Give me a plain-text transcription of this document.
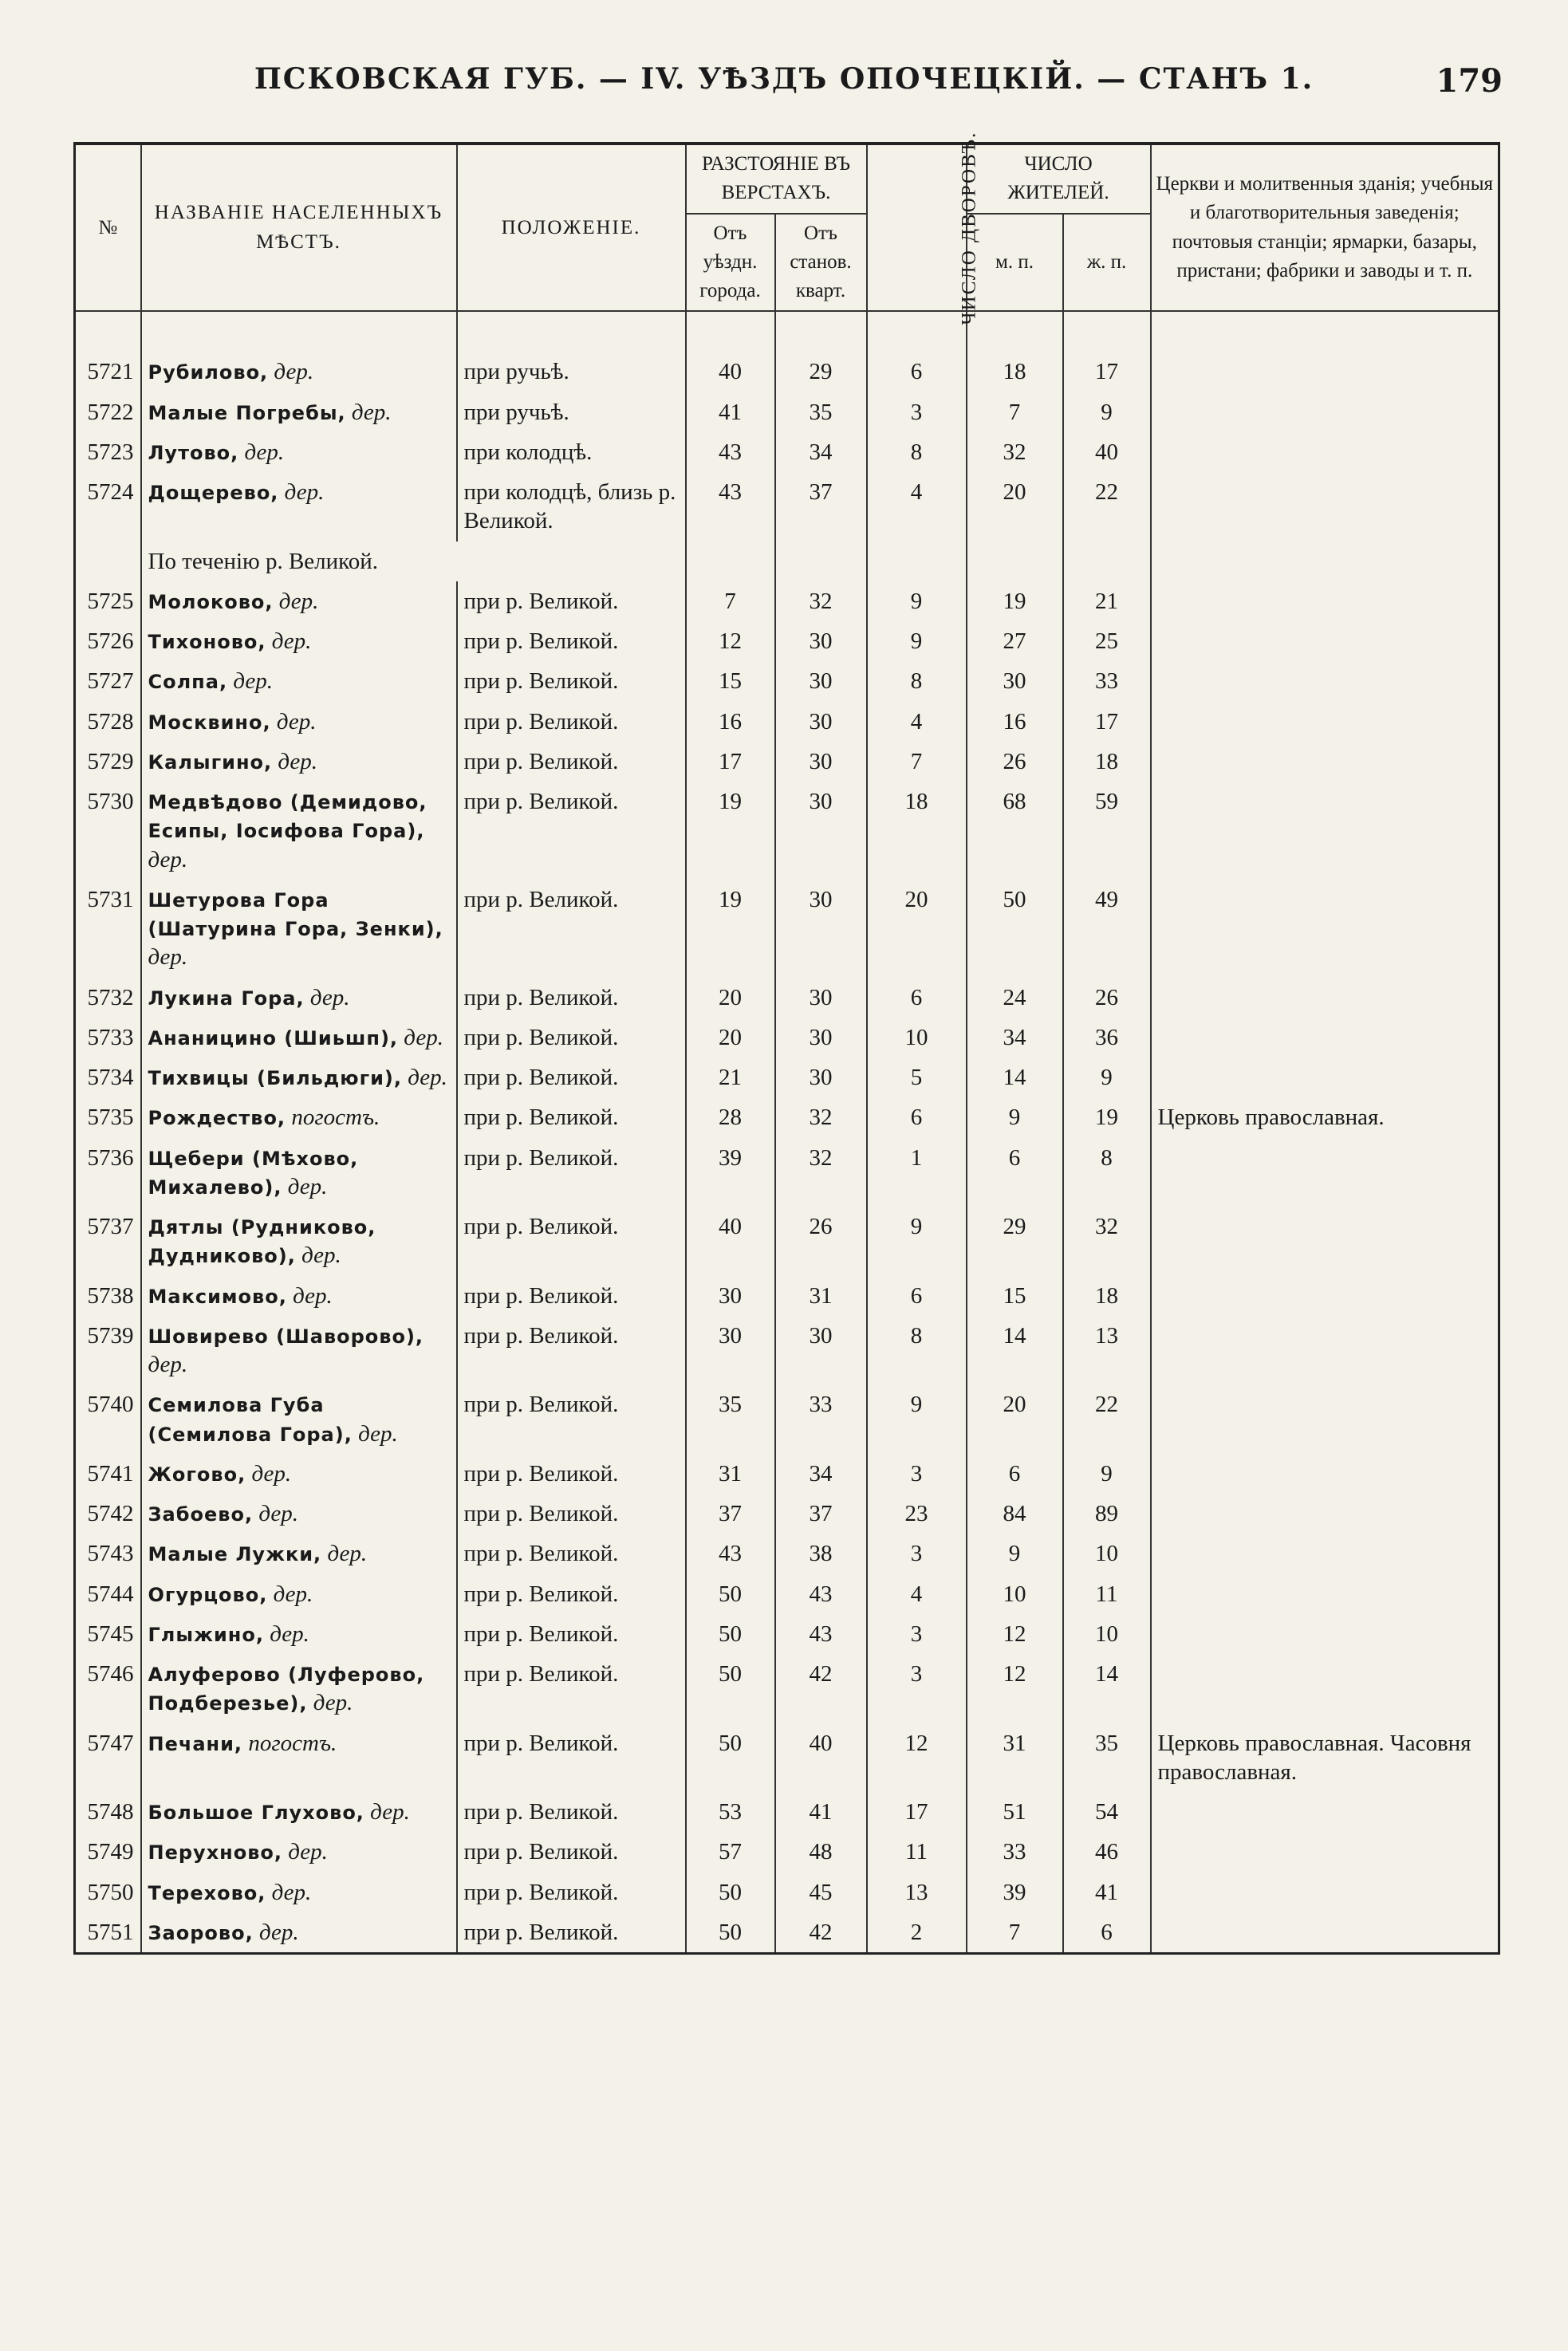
ПСКОВСКАЯ ГУБ. — IV. УѢЗДЪ ОПОЧЕЦКІЙ. — СТАНЪ 1.	179
№	НАЗВАНІЕ НАСЕЛЕННЫХЪ МѢСТЪ.	ПОЛОЖЕНІЕ.	РАЗСТОЯНІЕ ВЪ ВЕРСТАХЪ.		ЧИСЛО ДВОРОВЪ.	ЧИСЛО ЖИТЕЛЕЙ.		Церкви и молитвенныя зданія; учебныя и благотворительныя заведенія; почтовыя станціи; ярмарки, базары, пристани; фабрики и заводы и т. п.
			Отъ уѣздн. города.	Отъ станов. кварт.				
						м. п.	ж. п.	

5721	Рубилово, дер.	при ручьѣ.	40	29	6	18	17	
5722	Малые Погребы, дер.	при ручьѣ.	41	35	3	7	9	
5723	Лутово, дер.	при колодцѣ.	43	34	8	32	40	
5724	Дощерево, дер.	при колодцѣ, близь р. Великой.	43	37	4	20	22	
	По теченію р. Великой.							
5725	Молоково, дер.	при р. Великой.	7	32	9	19	21	
5726	Тихоново, дер.	при р. Великой.	12	30	9	27	25	
5727	Солпа, дер.	при р. Великой.	15	30	8	30	33	
5728	Москвино, дер.	при р. Великой.	16	30	4	16	17	
5729	Калыгино, дер.	при р. Великой.	17	30	7	26	18	
5730	Медвѣдово (Демидово, Есипы, Іосифова Гора), дер.	при р. Великой.	19	30	18	68	59	
5731	Шетурова Гора (Шатурина Гора, Зенки), дер.	при р. Великой.	19	30	20	50	49	
5732	Лукина Гора, дер.	при р. Великой.	20	30	6	24	26	
5733	Ананицино (Шиьшп), дер.	при р. Великой.	20	30	10	34	36	
5734	Тихвицы (Бильдюги), дер.	при р. Великой.	21	30	5	14	9	
5735	Рождество, погостъ.	при р. Великой.	28	32	6	9	19	Церковь православная.
5736	Щебери (Мѣхово, Михалево), дер.	при р. Великой.	39	32	1	6	8	
5737	Дятлы (Рудниково, Дудниково), дер.	при р. Великой.	40	26	9	29	32	
5738	Максимово, дер.	при р. Великой.	30	31	6	15	18	
5739	Шовирево (Шаворово), дер.	при р. Великой.	30	30	8	14	13	
5740	Семилова Губа (Семилова Гора), дер.	при р. Великой.	35	33	9	20	22	
5741	Жогово, дер.	при р. Великой.	31	34	3	6	9	
5742	Забоево, дер.	при р. Великой.	37	37	23	84	89	
5743	Малые Лужки, дер.	при р. Великой.	43	38	3	9	10	
5744	Огурцово, дер.	при р. Великой.	50	43	4	10	11	
5745	Глыжино, дер.	при р. Великой.	50	43	3	12	10	
5746	Алуферово (Луферово, Подберезье), дер.	при р. Великой.	50	42	3	12	14	
5747	Печани, погостъ.	при р. Великой.	50	40	12	31	35	Церковь православная. Часовня православная.
5748	Большое Глухово, дер.	при р. Великой.	53	41	17	51	54	
5749	Перухново, дер.	при р. Великой.	57	48	11	33	46	
5750	Терехово, дер.	при р. Великой.	50	45	13	39	41	
5751	Заорово, дер.	при р. Великой.	50	42	2	7	6	
